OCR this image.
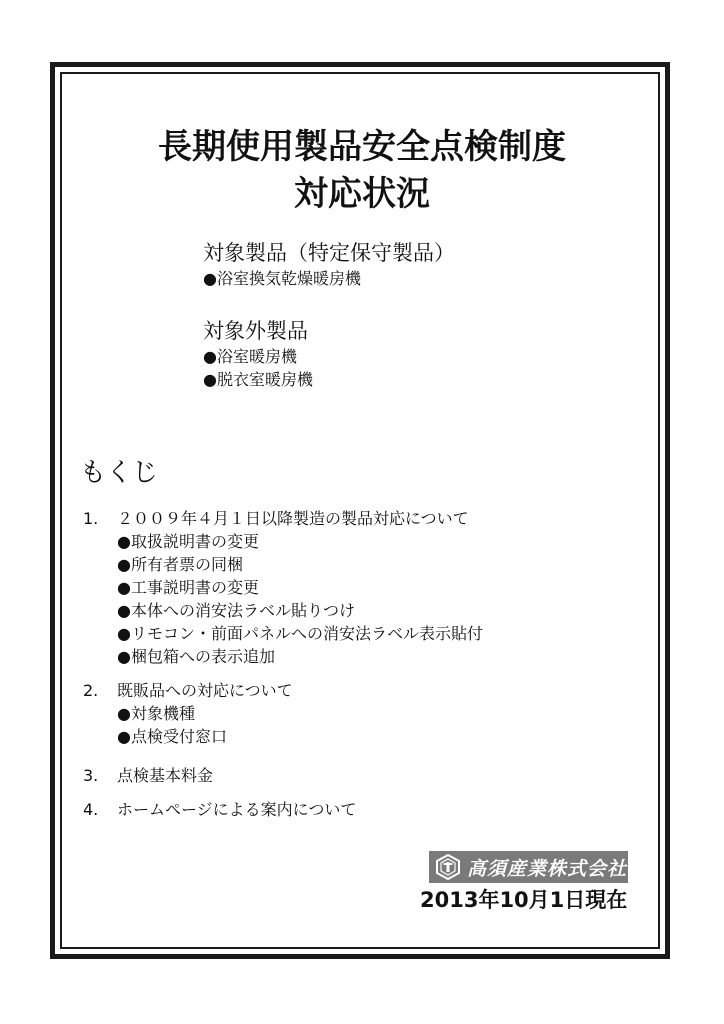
長期使用製品安全点検制度
対応状況
対象製品（特定保守製品）
●浴室換気乾燥暖房機
対象外製品
●浴室暖房機
●脱衣室暖房機
もくじ
1. ２００９年４月１日以降製造の製品対応について
●取扱説明書の変更
●所有者票の同梱
●工事説明書の変更
●本体への消安法ラベル貼りつけ
●リモコン・前面パネルへの消安法ラベル表示貼付
●梱包箱への表示追加
2. 既販品への対応について
●対象機種
●点検受付窓口
3. 点検基本料金
4. ホームページによる案内について
高須産業株式会社
2013年10月1日現在
